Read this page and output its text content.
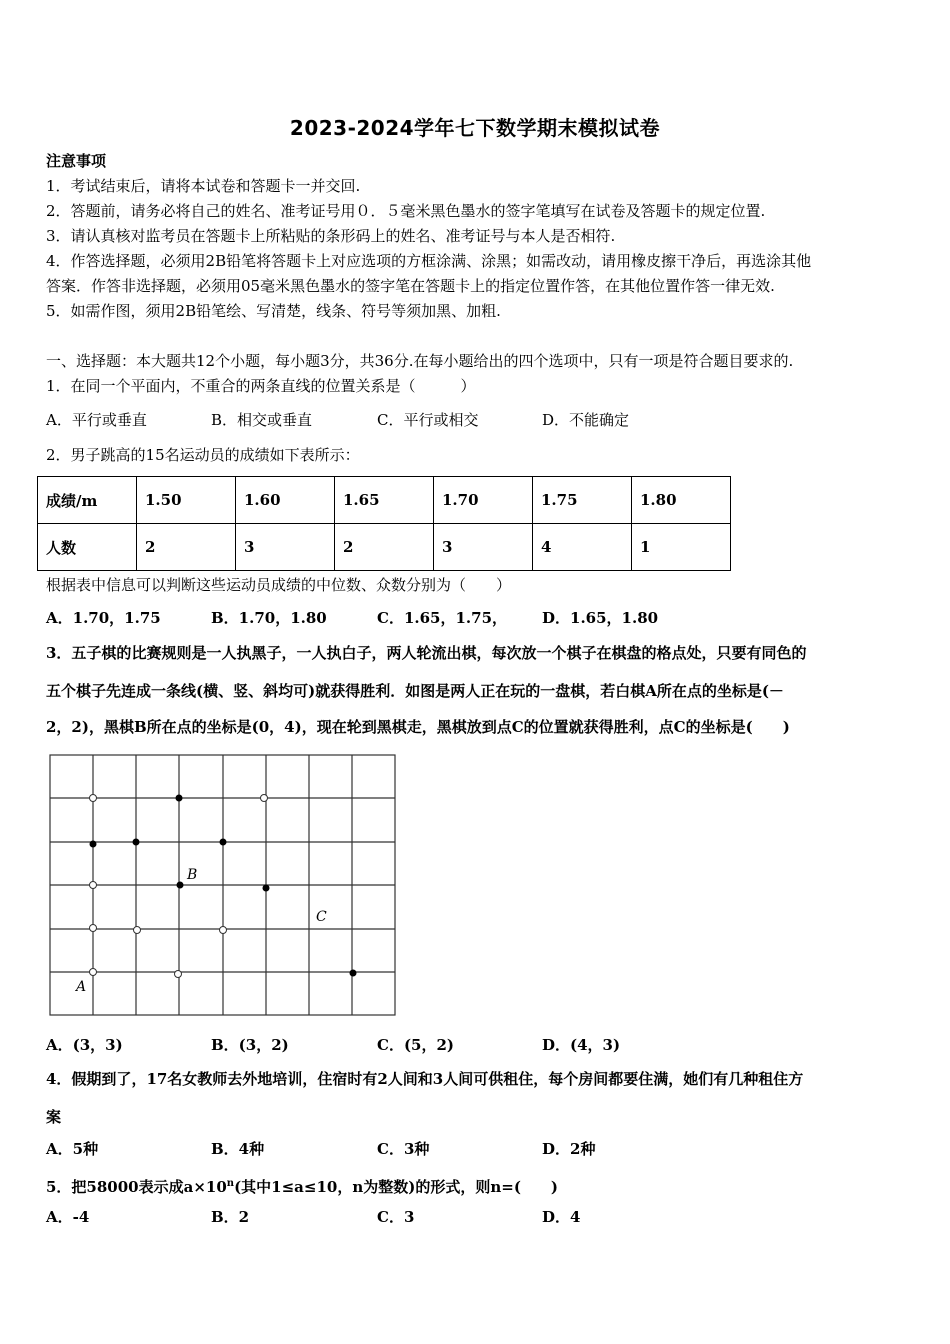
2023-2024学年七下数学期末模拟试卷
注意事项
1．考试结束后，请将本试卷和答题卡一并交回.
2．答题前，请务必将自己的姓名、准考证号用０．５毫米黑色墨水的签字笔填写在试卷及答题卡的规定位置.
3．请认真核对监考员在答题卡上所粘贴的条形码上的姓名、准考证号与本人是否相符.
4．作答选择题，必须用2B铅笔将答题卡上对应选项的方框涂满、涂黑；如需改动，请用橡皮擦干净后，再选涂其他
答案．作答非选择题，必须用05毫米黑色墨水的签字笔在答题卡上的指定位置作答，在其他位置作答一律无效.
5．如需作图，须用2B铅笔绘、写清楚，线条、符号等须加黑、加粗.
一、选择题：本大题共12个小题，每小题3分，共36分.在每小题给出的四个选项中，只有一项是符合题目要求的.
1．在同一个平面内，不重合的两条直线的位置关系是（　　　）
A．平行或垂直	B．相交或垂直	C．平行或相交	D．不能确定
2．男子跳高的15名运动员的成绩如下表所示：
成绩/m	1.50	1.60	1.65	1.70	1.75	1.80
人数	2	3	2	3	4	1
根据表中信息可以判断这些运动员成绩的中位数、众数分别为（　　）
A．1.70，1.75	B．1.70，1.80	C．1.65，1.75， D．1.65，1.80
3．五子棋的比赛规则是一人执黑子，一人执白子，两人轮流出棋，每次放一个棋子在棋盘的格点处，只要有同色的
五个棋子先连成一条线(横、竖、斜均可)就获得胜利．如图是两人正在玩的一盘棋，若白棋A所在点的坐标是(－
2，2)，黑棋B所在点的坐标是(0，4)，现在轮到黑棋走，黑棋放到点C的位置就获得胜利，点C的坐标是(　　)
B
C
A
A．(3，3)	B．(3，2)	C．(5，2)	D．(4，3)
4．假期到了，17名女教师去外地培训，住宿时有2人间和3人间可供租住，每个房间都要住满，她们有几种租住方
案
A．5种	B．4种	C．3种	D．2种
5．把58000表示成$a\times 10^n$(其中1≤a≤10，n为整数)的形式，则n=(　　)
A．-4	B．2	C．3	D．4
